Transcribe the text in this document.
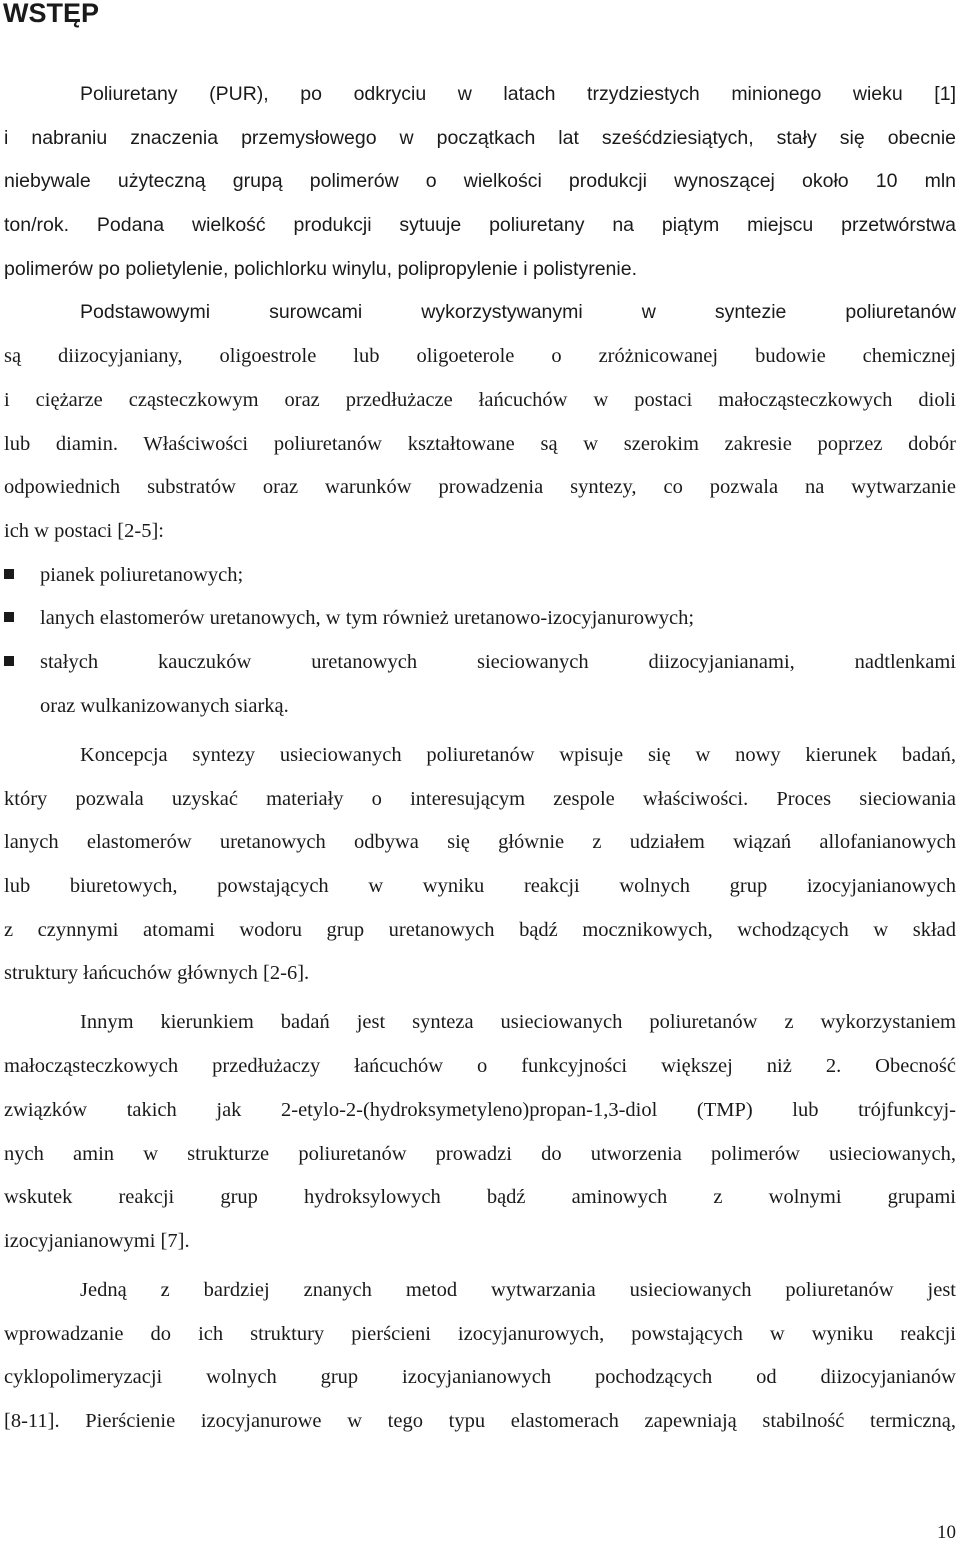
WSTĘP
Poliuretany (PUR), po odkryciu w latach trzydziestych minionego wieku [1]
i nabraniu znaczenia przemysłowego w początkach lat sześćdziesiątych, stały się obecnie
niebywale użyteczną grupą polimerów o wielkości produkcji wynoszącej około 10 mln
ton/rok. Podana wielkość produkcji sytuuje poliuretany na piątym miejscu przetwórstwa
polimerów po polietylenie, polichlorku winylu, polipropylenie i polistyrenie.
Podstawowymi surowcami wykorzystywanymi w syntezie poliuretanów
są diizocyjaniany, oligoestrole lub oligoeterole o zróżnicowanej budowie chemicznej
i ciężarze cząsteczkowym oraz przedłużacze łańcuchów w postaci małocząsteczkowych dioli
lub diamin. Właściwości poliuretanów kształtowane są w szerokim zakresie poprzez dobór
odpowiednich substratów oraz warunków prowadzenia syntezy, co pozwala na wytwarzanie
ich w postaci [2-5]:
pianek poliuretanowych;
lanych elastomerów uretanowych, w tym również uretanowo-izocyjanurowych;
stałych kauczuków uretanowych sieciowanych diizocyjanianami, nadtlenkami
oraz wulkanizowanych siarką.
Koncepcja syntezy usieciowanych poliuretanów wpisuje się w nowy kierunek badań,
który pozwala uzyskać materiały o interesującym zespole właściwości. Proces sieciowania
lanych elastomerów uretanowych odbywa się głównie z udziałem wiązań allofanianowych
lub biuretowych, powstających w wyniku reakcji wolnych grup izocyjanianowych
z czynnymi atomami wodoru grup uretanowych bądź mocznikowych, wchodzących w skład
struktury łańcuchów głównych [2-6].
Innym kierunkiem badań jest synteza usieciowanych poliuretanów z wykorzystaniem
małocząsteczkowych przedłużaczy łańcuchów o funkcyjności większej niż 2. Obecność
związków takich jak 2-etylo-2-(hydroksymetyleno)propan-1,3-diol (TMP) lub trójfunkcyj-
nych amin w strukturze poliuretanów prowadzi do utworzenia polimerów usieciowanych,
wskutek reakcji grup hydroksylowych bądź aminowych z wolnymi grupami
izocyjanianowymi [7].
Jedną z bardziej znanych metod wytwarzania usieciowanych poliuretanów jest
wprowadzanie do ich struktury pierścieni izocyjanurowych, powstających w wyniku reakcji
cyklopolimeryzacji wolnych grup izocyjanianowych pochodzących od diizocyjanianów
[8-11]. Pierścienie izocyjanurowe w tego typu elastomerach zapewniają stabilność termiczną,
10
